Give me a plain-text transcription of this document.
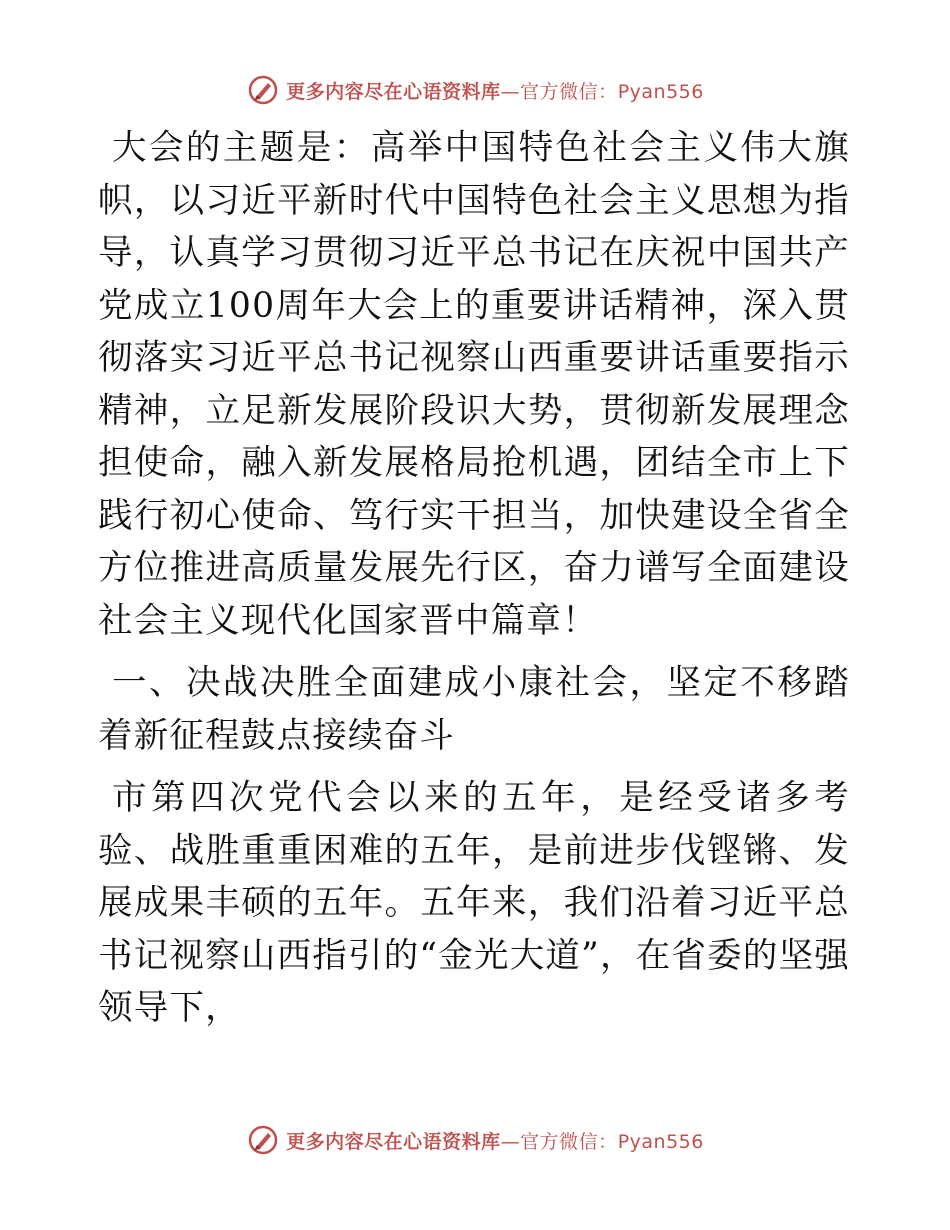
更多内容尽在心语资料库—官方微信：Pyan556

大会的主题是：高举中国特色社会主义伟大旗帜，以习近平新时代中国特色社会主义思想为指导，认真学习贯彻习近平总书记在庆祝中国共产党成立100周年大会上的重要讲话精神，深入贯彻落实习近平总书记视察山西重要讲话重要指示精神，立足新发展阶段识大势，贯彻新发展理念担使命，融入新发展格局抢机遇，团结全市上下践行初心使命、笃行实干担当，加快建设全省全方位推进高质量发展先行区，奋力谱写全面建设社会主义现代化国家晋中篇章！

一、决战决胜全面建成小康社会，坚定不移踏着新征程鼓点接续奋斗

市第四次党代会以来的五年，是经受诸多考验、战胜重重困难的五年，是前进步伐铿锵、发展成果丰硕的五年。五年来，我们沿着习近平总书记视察山西指引的“金光大道”，在省委的坚强领导下，

更多内容尽在心语资料库—官方微信：Pyan556
